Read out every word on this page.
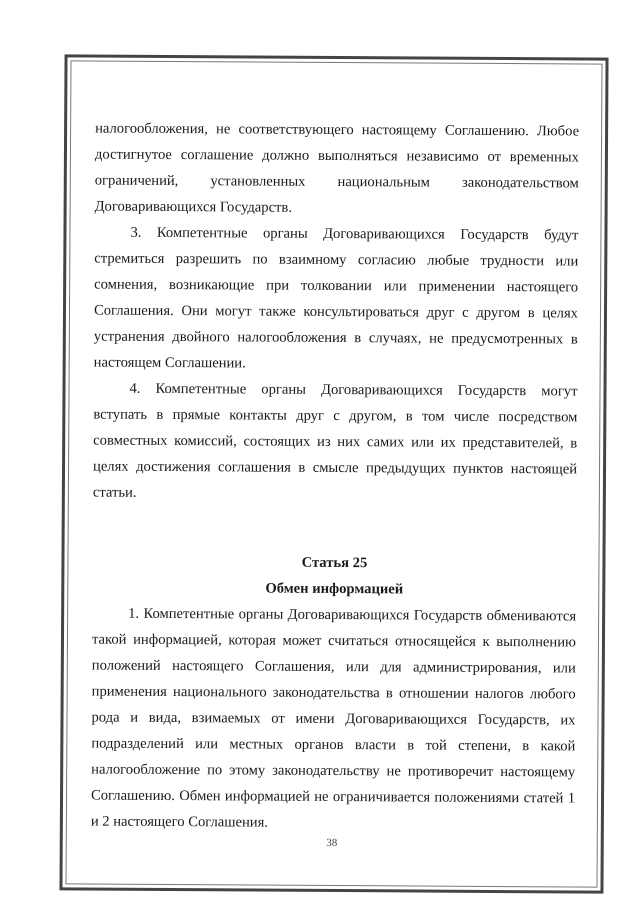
налогообложения, не соответствующего настоящему Соглашению. Любое достигнутое соглашение должно выполняться независимо от временных ограничений, установленных национальным законодательством Договаривающихся Государств.

3. Компетентные органы Договаривающихся Государств будут стремиться разрешить по взаимному согласию любые трудности или сомнения, возникающие при толковании или применении настоящего Соглашения. Они могут также консультироваться друг с другом в целях устранения двойного налогообложения в случаях, не предусмотренных в настоящем Соглашении.

4. Компетентные органы Договаривающихся Государств могут вступать в прямые контакты друг с другом, в том числе посредством совместных комиссий, состоящих из них самих или их представителей, в целях достижения соглашения в смысле предыдущих пунктов настоящей статьи.

Статья 25

Обмен информацией

1. Компетентные органы Договаривающихся Государств обмениваются такой информацией, которая может считаться относящейся к выполнению положений настоящего Соглашения, или для администрирования, или применения национального законодательства в отношении налогов любого рода и вида, взимаемых от имени Договаривающихся Государств, их подразделений или местных органов власти в той степени, в какой налогообложение по этому законодательству не противоречит настоящему Соглашению. Обмен информацией не ограничивается положениями статей 1 и 2 настоящего Соглашения.

38
